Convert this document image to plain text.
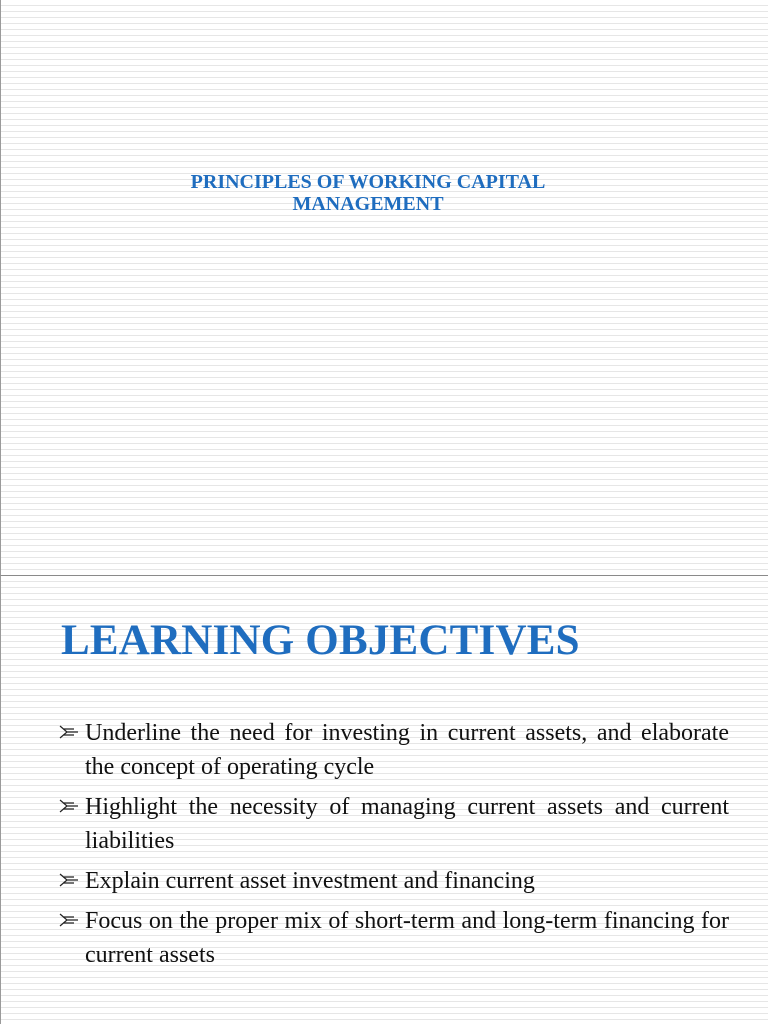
PRINCIPLES OF WORKING CAPITAL
MANAGEMENT
LEARNING OBJECTIVES
Underline the need for investing in current assets, and elaborate the concept of operating cycle
Highlight the necessity of managing current assets and current liabilities
Explain current asset investment and financing
Focus on the proper mix of short-term and long-term financing for current assets
